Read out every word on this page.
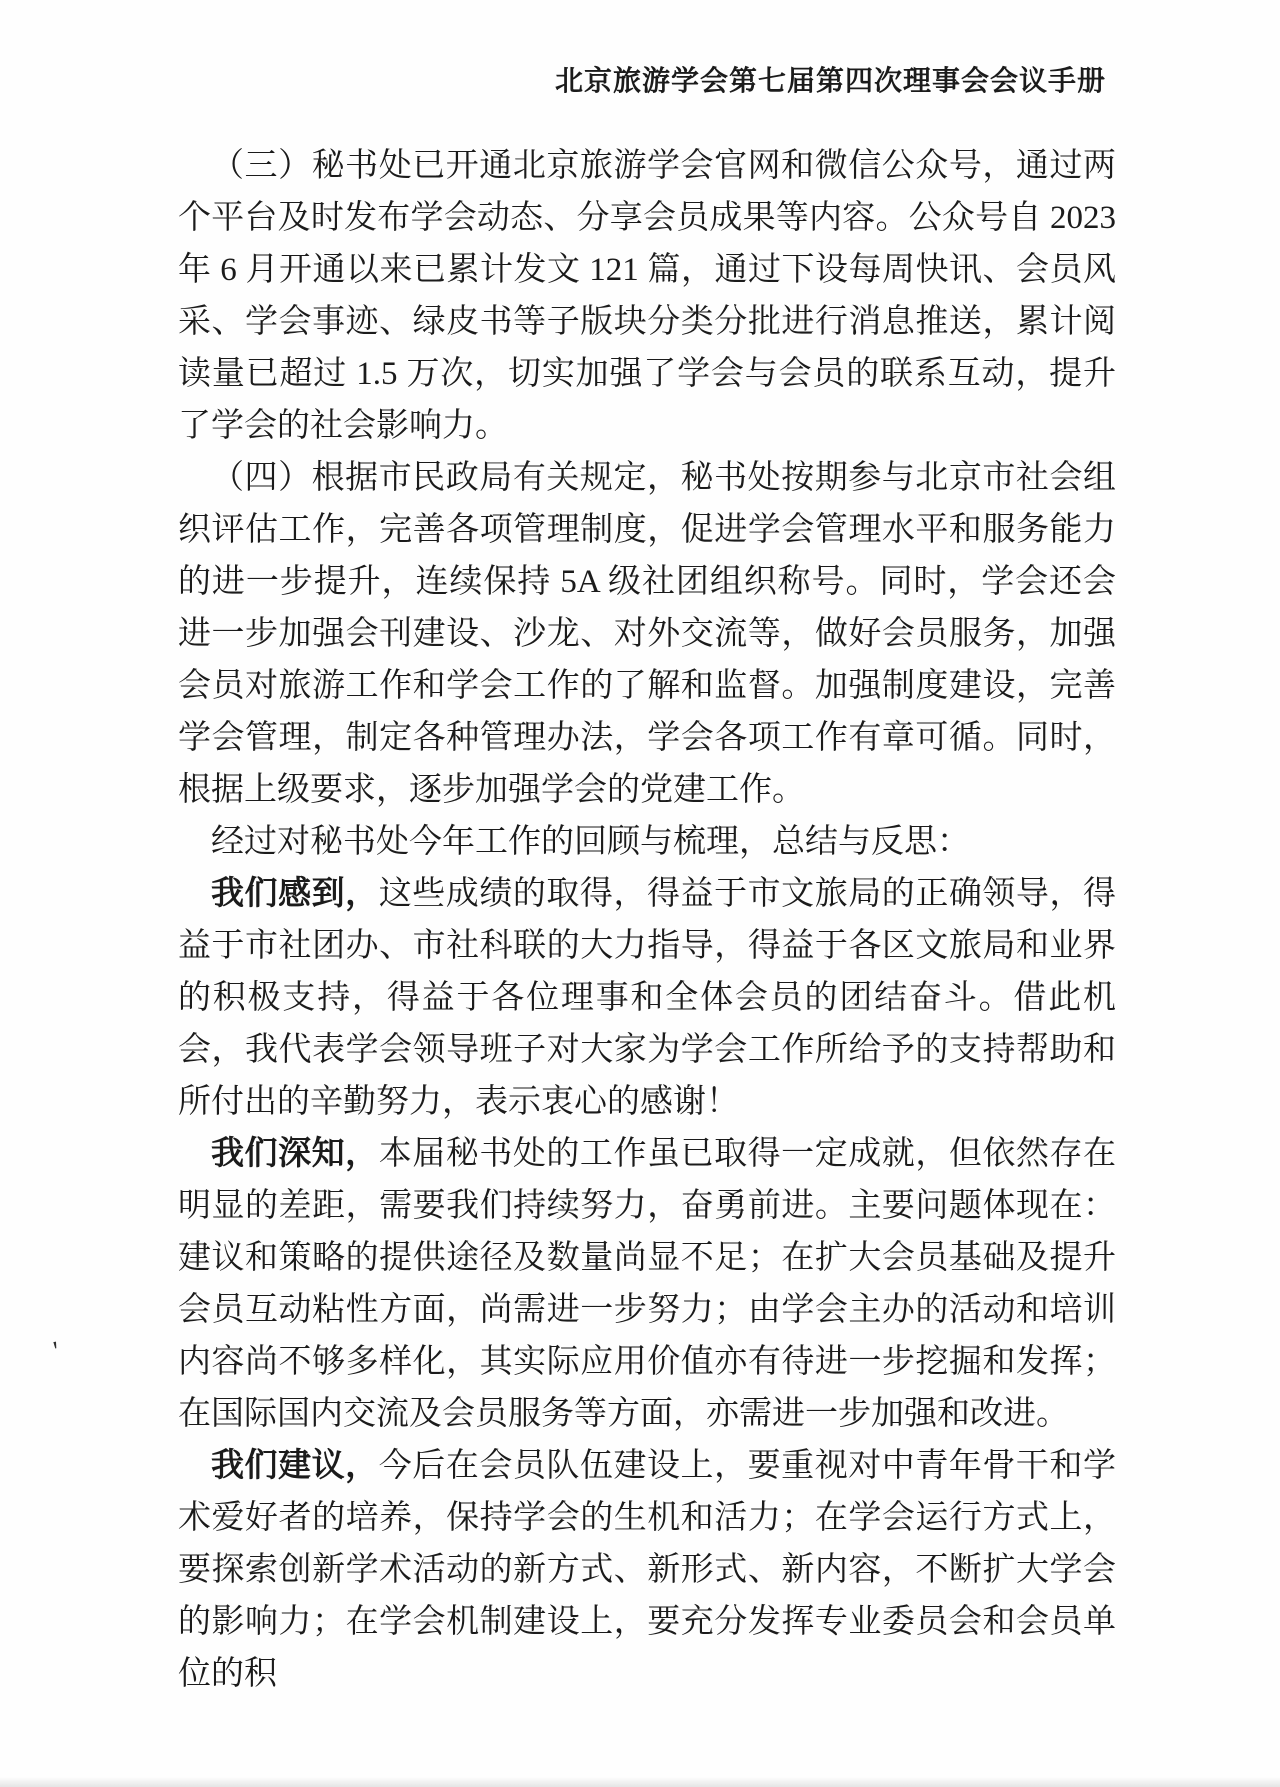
北京旅游学会第七届第四次理事会会议手册

（三）秘书处已开通北京旅游学会官网和微信公众号，通过两个平台及时发布学会动态、分享会员成果等内容。公众号自 2023 年 6 月开通以来已累计发文 121 篇，通过下设每周快讯、会员风采、学会事迹、绿皮书等子版块分类分批进行消息推送，累计阅读量已超过 1.5 万次，切实加强了学会与会员的联系互动，提升了学会的社会影响力。

（四）根据市民政局有关规定，秘书处按期参与北京市社会组织评估工作，完善各项管理制度，促进学会管理水平和服务能力的进一步提升，连续保持 5A 级社团组织称号。同时，学会还会进一步加强会刊建设、沙龙、对外交流等，做好会员服务，加强会员对旅游工作和学会工作的了解和监督。加强制度建设，完善学会管理，制定各种管理办法，学会各项工作有章可循。同时，根据上级要求，逐步加强学会的党建工作。

经过对秘书处今年工作的回顾与梳理，总结与反思：

我们感到，这些成绩的取得，得益于市文旅局的正确领导，得益于市社团办、市社科联的大力指导，得益于各区文旅局和业界的积极支持，得益于各位理事和全体会员的团结奋斗。借此机会，我代表学会领导班子对大家为学会工作所给予的支持帮助和所付出的辛勤努力，表示衷心的感谢！

我们深知，本届秘书处的工作虽已取得一定成就，但依然存在明显的差距，需要我们持续努力，奋勇前进。主要问题体现在：建议和策略的提供途径及数量尚显不足；在扩大会员基础及提升会员互动粘性方面，尚需进一步努力；由学会主办的活动和培训内容尚不够多样化，其实际应用价值亦有待进一步挖掘和发挥；在国际国内交流及会员服务等方面，亦需进一步加强和改进。

我们建议，今后在会员队伍建设上，要重视对中青年骨干和学术爱好者的培养，保持学会的生机和活力；在学会运行方式上，要探索创新学术活动的新方式、新形式、新内容，不断扩大学会的影响力；在学会机制建设上，要充分发挥专业委员会和会员单位的积

'
